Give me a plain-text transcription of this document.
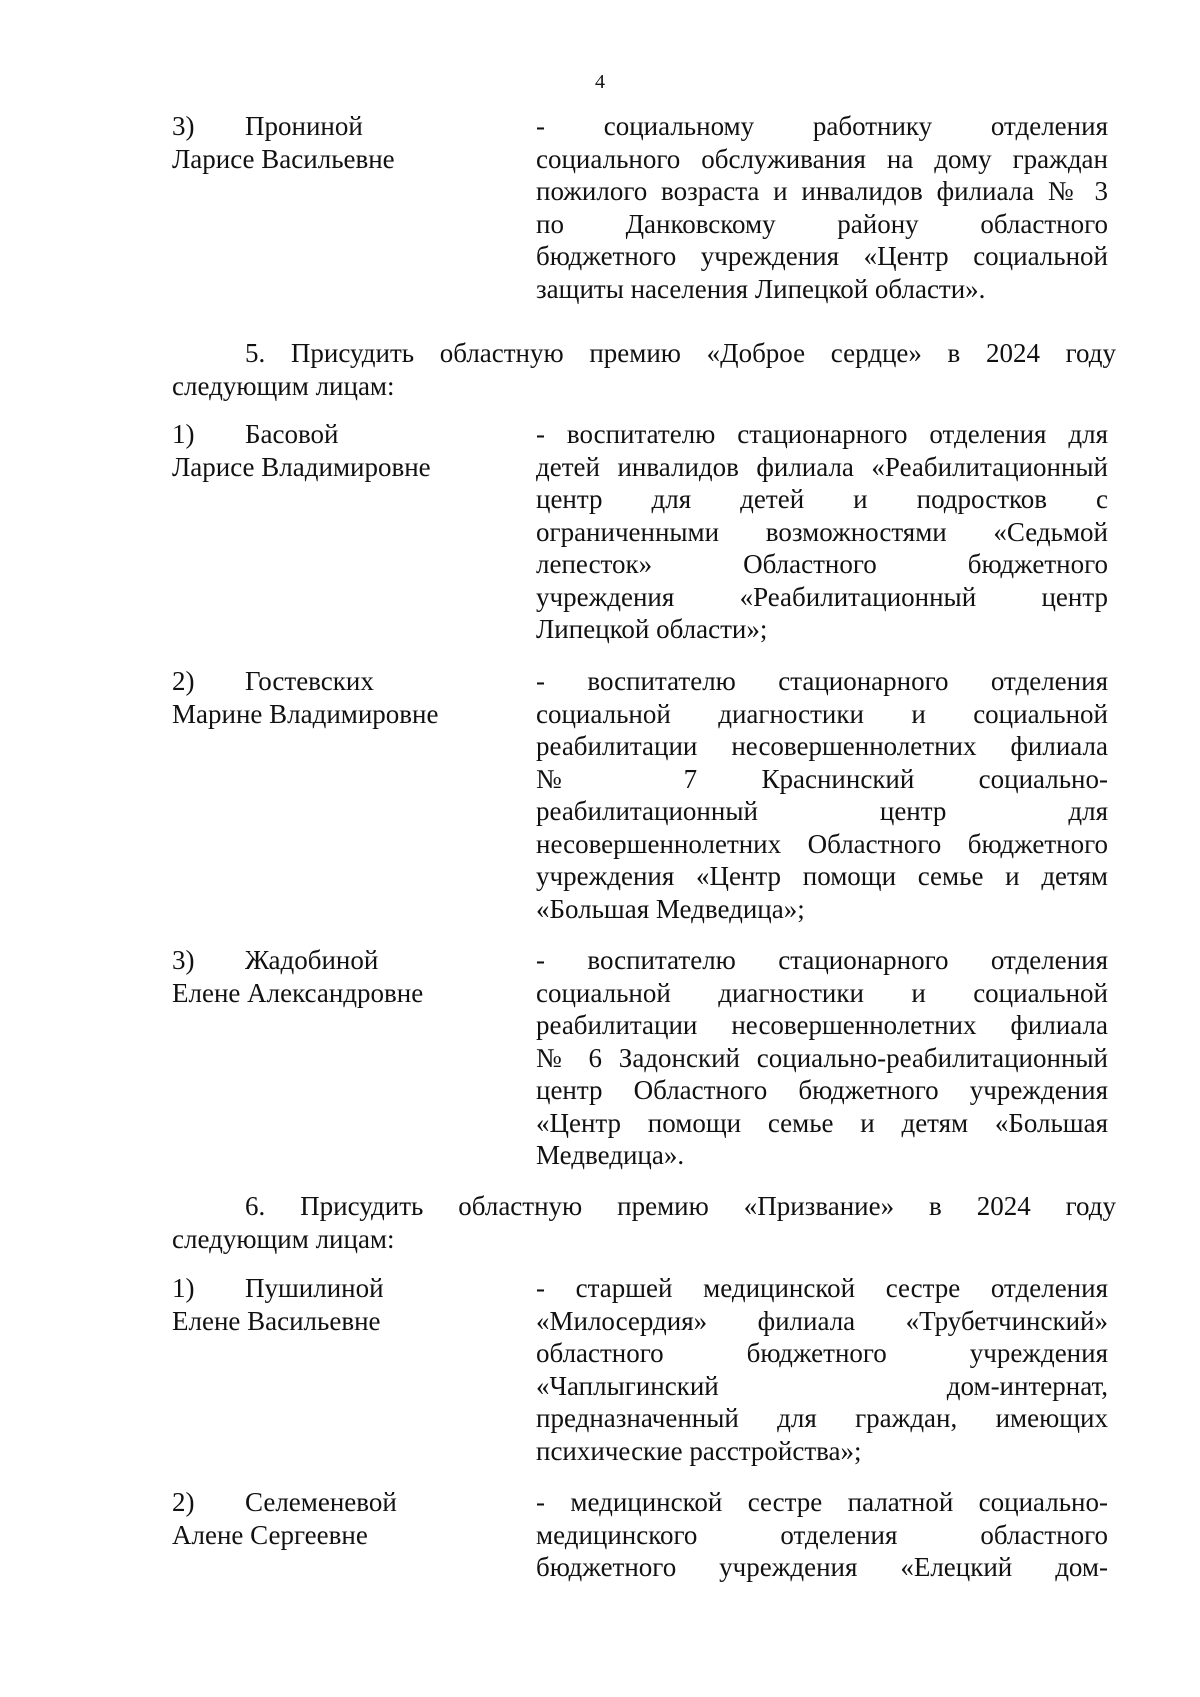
4
3) Прониной
Ларисе Васильевне
- социальному работнику отделения
социального обслуживания на дому граждан
пожилого возраста и инвалидов филиала № 3
по Данковскому району областного
бюджетного учреждения «Центр социальной
защиты населения Липецкой области».
5. Присудить областную премию «Доброе сердце» в 2024 году
следующим лицам:
1) Басовой
Ларисе Владимировне
- воспитателю стационарного отделения для
детей инвалидов филиала «Реабилитационный
центр для детей и подростков с
ограниченными возможностями «Седьмой
лепесток» Областного бюджетного
учреждения «Реабилитационный центр
Липецкой области»;
2) Гостевских
Марине Владимировне
- воспитателю стационарного отделения
социальной диагностики и социальной
реабилитации несовершеннолетних филиала
№ 7 Краснинский социально-
реабилитационный центр для
несовершеннолетних Областного бюджетного
учреждения «Центр помощи семье и детям
«Большая Медведица»;
3) Жадобиной
Елене Александровне
- воспитателю стационарного отделения
социальной диагностики и социальной
реабилитации несовершеннолетних филиала
№ 6 Задонский социально-реабилитационный
центр Областного бюджетного учреждения
«Центр помощи семье и детям «Большая
Медведица».
6. Присудить областную премию «Призвание» в 2024 году
следующим лицам:
1) Пушилиной
Елене Васильевне
- старшей медицинской сестре отделения
«Милосердия» филиала «Трубетчинский»
областного бюджетного учреждения
«Чаплыгинский дом-интернат,
предназначенный для граждан, имеющих
психические расстройства»;
2) Селеменевой
Алене Сергеевне
- медицинской сестре палатной социально-
медицинского отделения областного
бюджетного учреждения «Елецкий дом-
